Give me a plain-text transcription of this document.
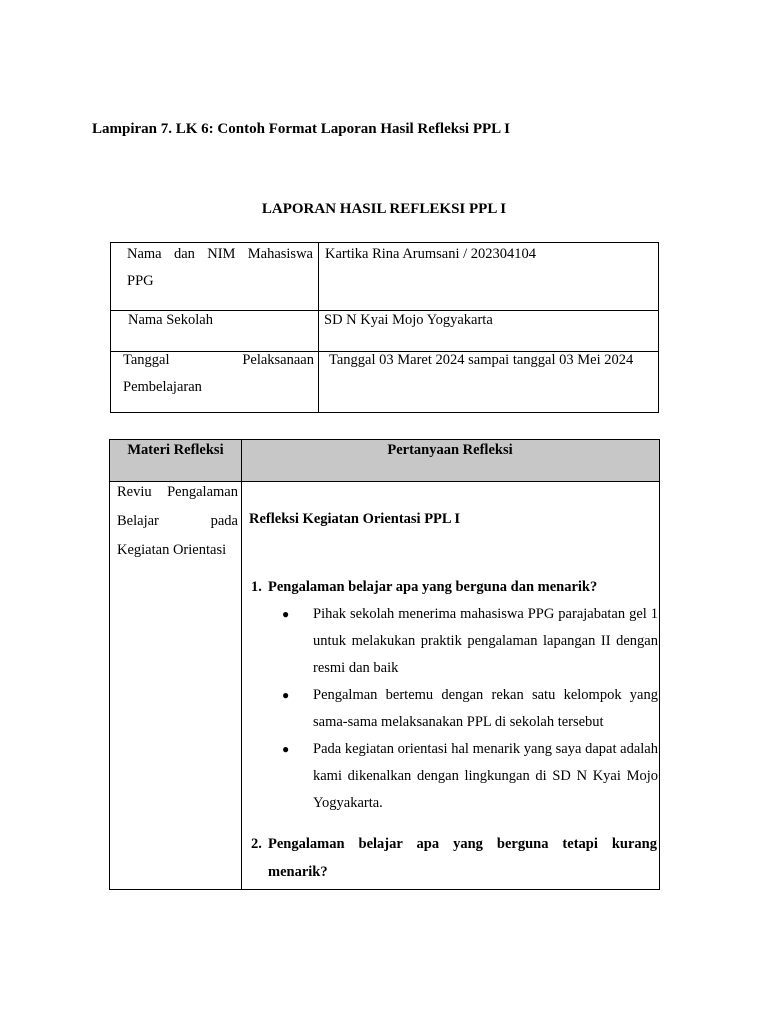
Lampiran 7. LK 6: Contoh Format Laporan Hasil Refleksi PPL I
LAPORAN HASIL REFLEKSI PPL I
Nama dan NIM Mahasiswa
PPG
Kartika Rina Arumsani / 202304104
Nama Sekolah	SD N Kyai Mojo Yogyakarta
Tanggal Pelaksanaan
Pembelajaran
Tanggal 03 Maret 2024 sampai tanggal 03 Mei 2024
Materi Refleksi	Pertanyaan Refleksi
Reviu Pengalaman
Belajar pada
Kegiatan Orientasi
Refleksi Kegiatan Orientasi PPL I
1. Pengalaman belajar apa yang berguna dan menarik?
● Pihak sekolah menerima mahasiswa PPG parajabatan gel 1 untuk melakukan praktik pengalaman lapangan II dengan resmi dan baik
● Pengalman bertemu dengan rekan satu kelompok yang sama-sama melaksanakan PPL di sekolah tersebut
● Pada kegiatan orientasi hal menarik yang saya dapat adalah kami dikenalkan dengan lingkungan di SD N Kyai Mojo Yogyakarta.
2. Pengalaman belajar apa yang berguna tetapi kurang menarik?
